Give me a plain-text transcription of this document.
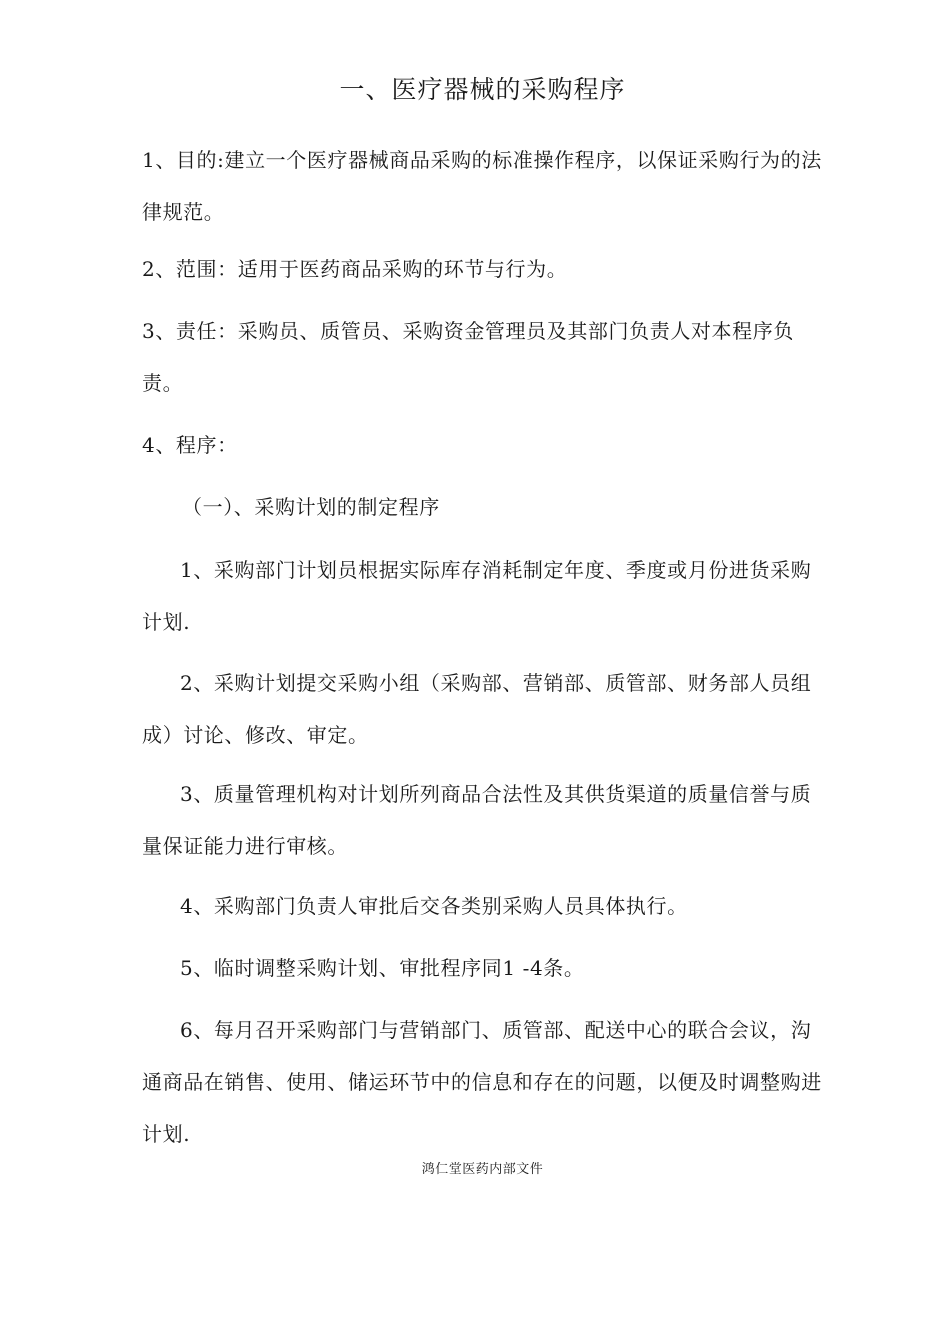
一、医疗器械的采购程序

1、目的:建立一个医疗器械商品采购的标准操作程序，以保证采购行为的法律规范。

2、范围：适用于医药商品采购的环节与行为。

3、责任：采购员、质管员、采购资金管理员及其部门负责人对本程序负责。

4、程序：

（一）、采购计划的制定程序

1、采购部门计划员根据实际库存消耗制定年度、季度或月份进货采购计划.

2、采购计划提交采购小组（采购部、营销部、质管部、财务部人员组成）讨论、修改、审定。

3、质量管理机构对计划所列商品合法性及其供货渠道的质量信誉与质量保证能力进行审核。

4、采购部门负责人审批后交各类别采购人员具体执行。

5、临时调整采购计划、审批程序同1 -4条。

6、每月召开采购部门与营销部门、质管部、配送中心的联合会议，沟通商品在销售、使用、储运环节中的信息和存在的问题，以便及时调整购进计划.

鸿仁堂医药内部文件
